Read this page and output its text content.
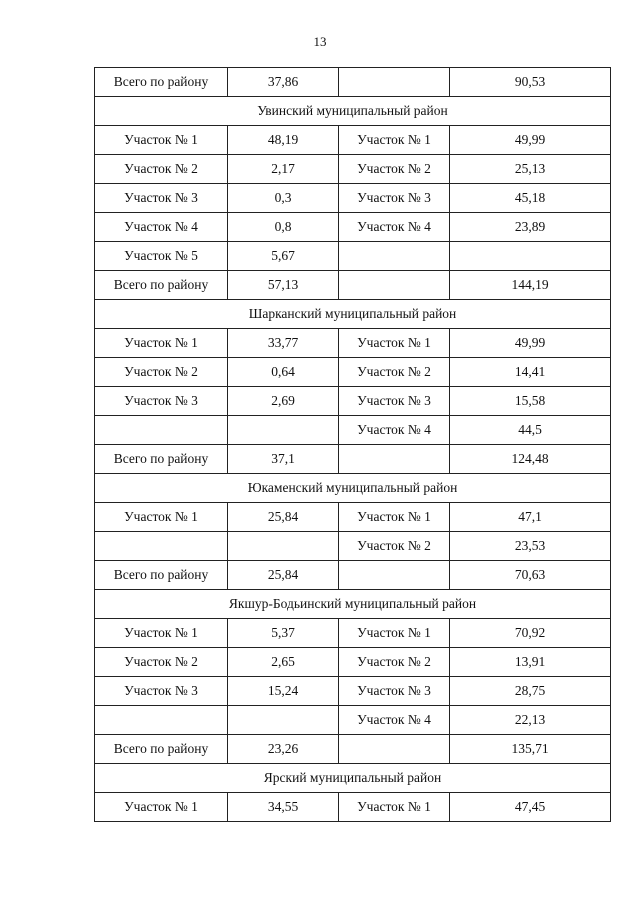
13
Всего по району	37,86		90,53
Увинский муниципальный район			
Участок № 1	48,19	Участок № 1	49,99
Участок № 2	2,17	Участок № 2	25,13
Участок № 3	0,3	Участок № 3	45,18
Участок № 4	0,8	Участок № 4	23,89
Участок № 5	5,67		
Всего по району	57,13		144,19
Шарканский муниципальный район			
Участок № 1	33,77	Участок № 1	49,99
Участок № 2	0,64	Участок № 2	14,41
Участок № 3	2,69	Участок № 3	15,58
		Участок № 4	44,5
Всего по району	37,1		124,48
Юкаменский муниципальный район			
Участок № 1	25,84	Участок № 1	47,1
		Участок № 2	23,53
Всего по району	25,84		70,63
Якшур-Бодьинский муниципальный район			
Участок № 1	5,37	Участок № 1	70,92
Участок № 2	2,65	Участок № 2	13,91
Участок № 3	15,24	Участок № 3	28,75
		Участок № 4	22,13
Всего по району	23,26		135,71
Ярский муниципальный район			
Участок № 1	34,55	Участок № 1	47,45
